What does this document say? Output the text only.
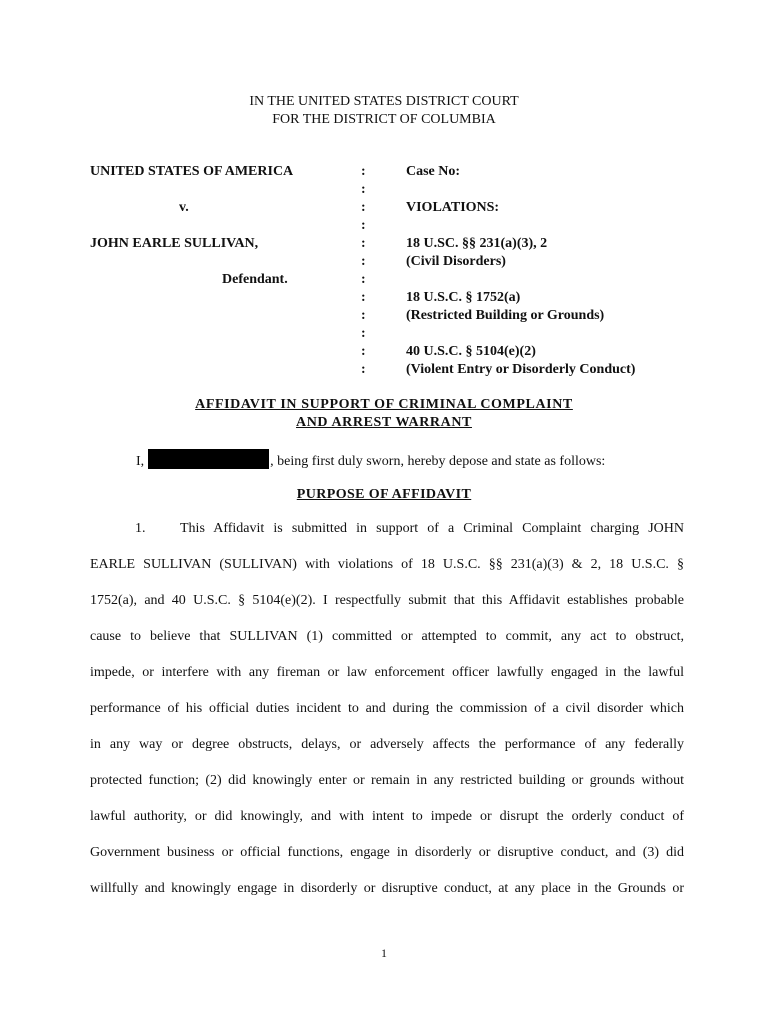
IN THE UNITED STATES DISTRICT COURT
FOR THE DISTRICT OF COLUMBIA
UNITED STATES OF AMERICA	:	Case No:
:
v.	:	VIOLATIONS:
:
JOHN EARLE SULLIVAN,	:	18 U.SC. §§ 231(a)(3), 2
:	(Civil Disorders)
Defendant.	:
:	18 U.S.C. § 1752(a)
:	(Restricted Building or Grounds)
:
:	40 U.S.C. § 5104(e)(2)
:	(Violent Entry or Disorderly Conduct)
AFFIDAVIT IN SUPPORT OF CRIMINAL COMPLAINT
AND ARREST WARRANT
I,	, being first duly sworn, hereby depose and state as follows:
PURPOSE OF AFFIDAVIT
1. This Affidavit is submitted in support of a Criminal Complaint charging JOHN
EARLE SULLIVAN (SULLIVAN) with violations of 18 U.S.C. §§ 231(a)(3) & 2, 18 U.S.C. §
1752(a), and 40 U.S.C. § 5104(e)(2). I respectfully submit that this Affidavit establishes probable
cause to believe that SULLIVAN (1) committed or attempted to commit, any act to obstruct,
impede, or interfere with any fireman or law enforcement officer lawfully engaged in the lawful
performance of his official duties incident to and during the commission of a civil disorder which
in any way or degree obstructs, delays, or adversely affects the performance of any federally
protected function; (2) did knowingly enter or remain in any restricted building or grounds without
lawful authority, or did knowingly, and with intent to impede or disrupt the orderly conduct of
Government business or official functions, engage in disorderly or disruptive conduct, and (3) did
willfully and knowingly engage in disorderly or disruptive conduct, at any place in the Grounds or
1
